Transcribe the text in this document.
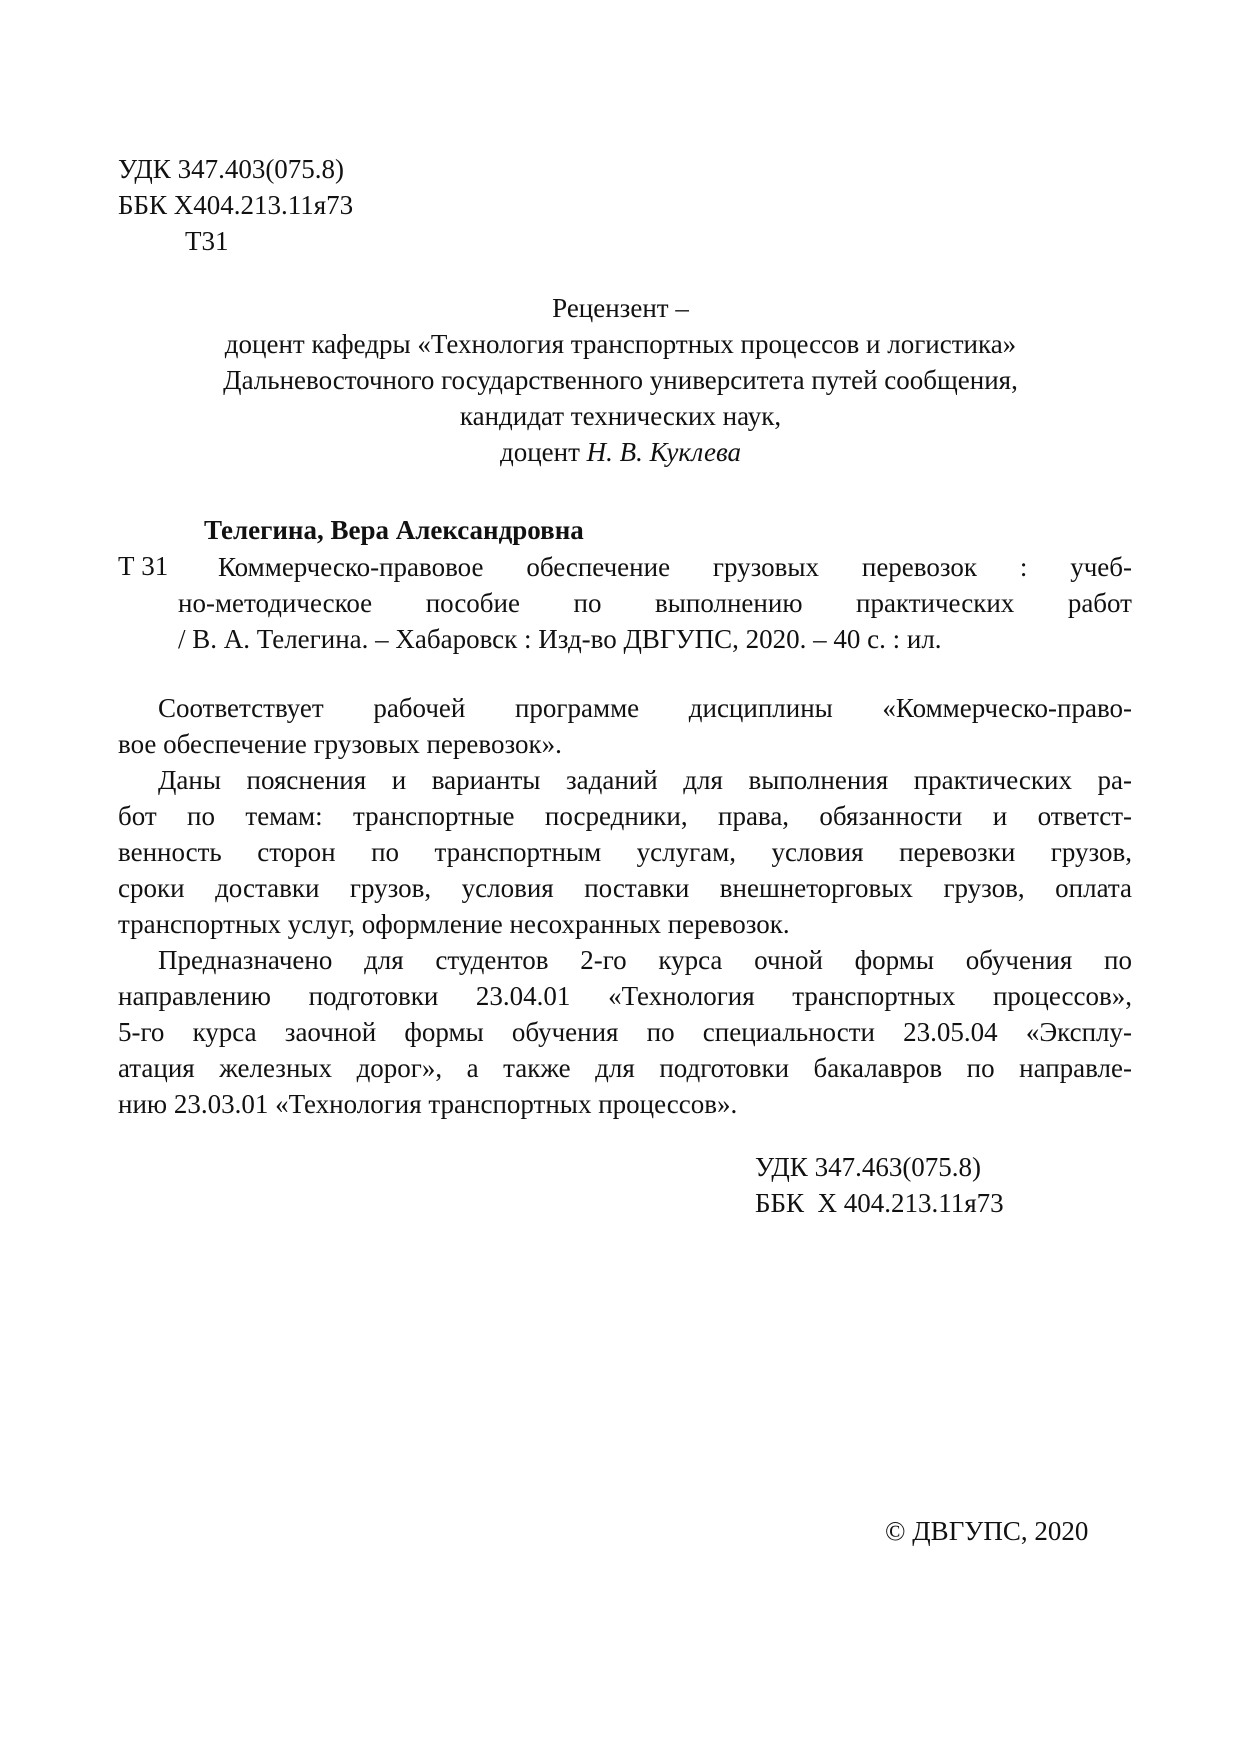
УДК 347.403(075.8)
ББК Х404.213.11я73
Т31
Рецензент –
доцент кафедры «Технология транспортных процессов и логистика»
Дальневосточного государственного университета путей сообщения,
кандидат технических наук,
доцент Н. В. Куклева
Телегина, Вера Александровна
Т 31	Коммерческо-правовое обеспечение грузовых перевозок : учеб-
но-методическое пособие по выполнению практических работ
/ В. А. Телегина. – Хабаровск : Изд-во ДВГУПС, 2020. – 40 с. : ил.
Соответствует рабочей программе дисциплины «Коммерческо-право-
вое обеспечение грузовых перевозок».
Даны пояснения и варианты заданий для выполнения практических ра-
бот по темам: транспортные посредники, права, обязанности и ответст-
венность сторон по транспортным услугам, условия перевозки грузов,
сроки доставки грузов, условия поставки внешнеторговых грузов, оплата
транспортных услуг, оформление несохранных перевозок.
Предназначено для студентов 2-го курса очной формы обучения по
направлению подготовки 23.04.01 «Технология транспортных процессов»,
5-го курса заочной формы обучения по специальности 23.05.04 «Эксплу-
атация железных дорог», а также для подготовки бакалавров по направле-
нию 23.03.01 «Технология транспортных процессов».
УДК 347.463(075.8)
ББК  Х 404.213.11я73
© ДВГУПС, 2020
